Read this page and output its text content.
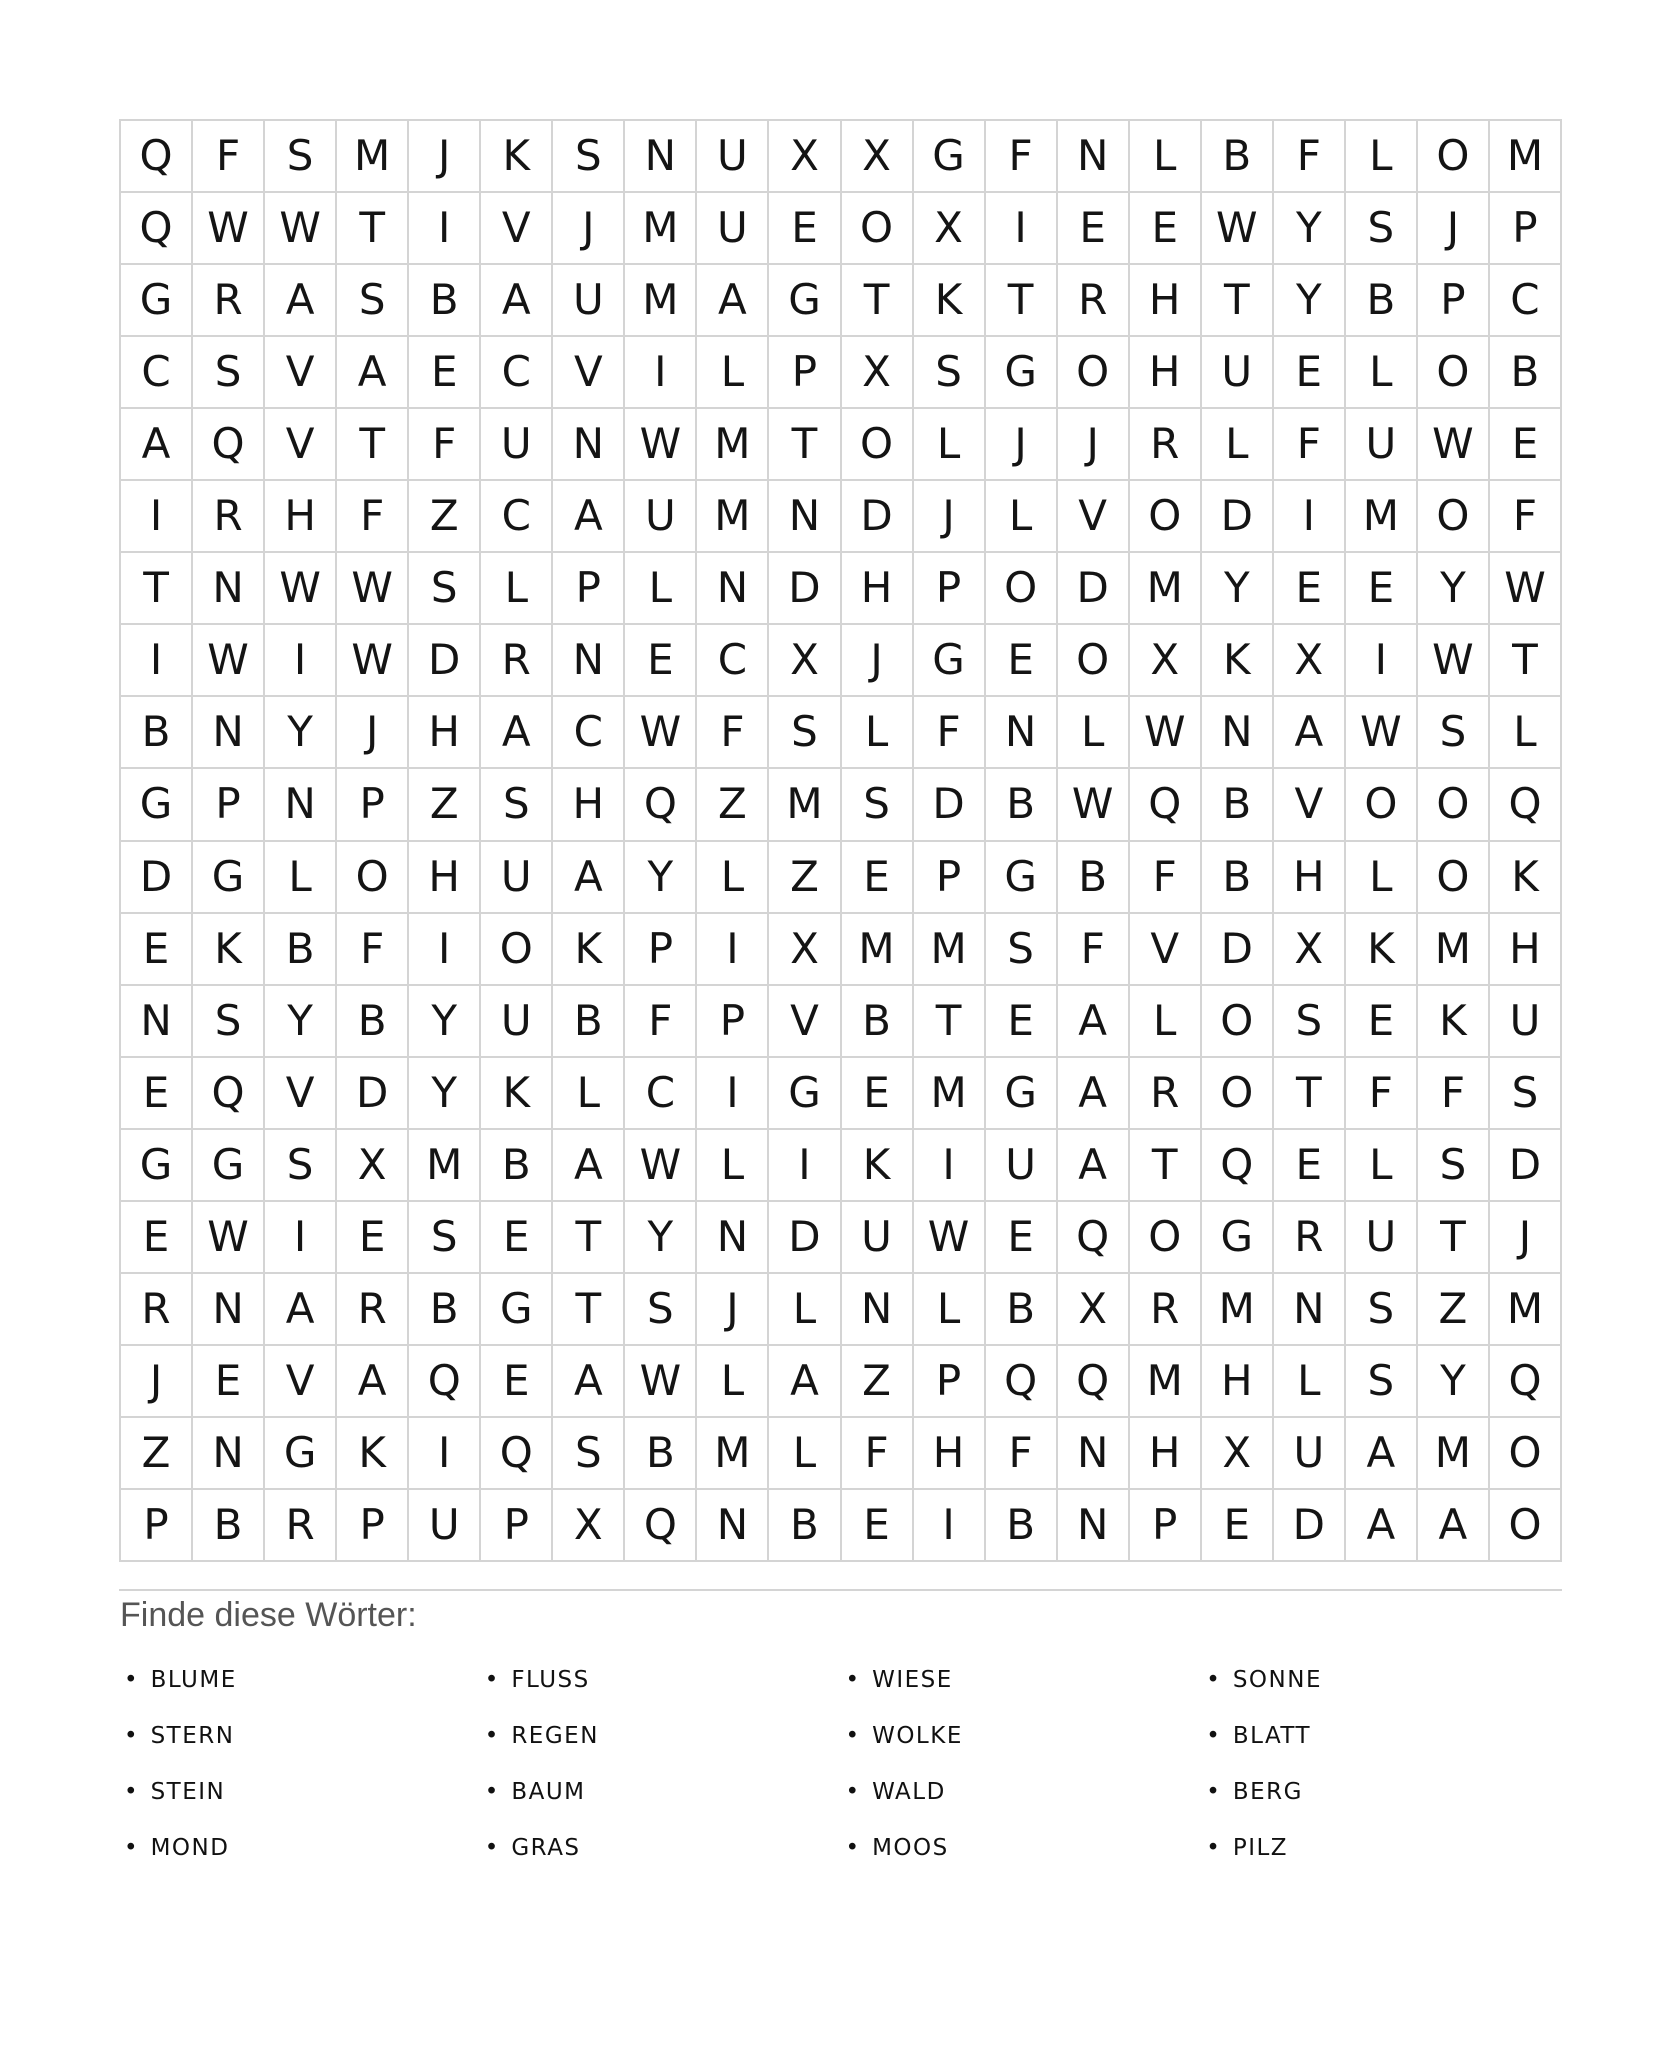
Q	F	S M	J	K	S	N U	X	X G	F	N	L	B	F	L	O M
Q W W T	I	V	J	M U	E	O X	I	E	E W Y	S	J	P
G R	A	S	B	A	U M A G	T	K	T	R H	T	Y	B	P	C
C	S	V	A	E	C	V	I	L	P	X	S	G O H U	E	L	O B
A Q V	T	F	U N W M T	O	L	J	J	R	L	F	U W E
I	R H	F	Z	C	A	U M N D	J	L	V O D	I	M O	F
T	N W W S	L	P	L	N D H	P	O D M Y	E	E	Y W
I	W	I	W D R N	E	C	X	J	G	E	O X	K	X	I	W T
B N	Y	J	H A	C W F	S	L	F	N	L W N A W S	L
G	P	N	P	Z	S	H Q Z M S	D B W Q B	V O O Q
D G	L	O H U	A	Y	L	Z	E	P	G B	F	B H	L	O K
E	K	B	F	I	O K	P	I	X M M S	F	V D X	K M H
N	S	Y	B	Y	U	B	F	P	V	B	T	E	A	L	O	S	E	K	U
E	Q V D	Y	K	L	C	I	G	E M G A	R O	T	F	F	S
G G	S	X M B	A W L	I	K	I	U	A	T	Q	E	L	S	D
E W	I	E	S	E	T	Y	N D U W E	Q O G R	U	T	J
R N A	R	B G	T	S	J	L	N	L	B	X	R M N	S	Z M
J	E	V	A Q	E	A W L	A	Z	P	Q Q M H	L	S	Y	Q
Z N G	K	I	Q	S	B M	L	F	H	F	N H X	U	A M O
P	B	R	P	U	P	X Q N B	E	I	B N	P	E	D A	A O
Finde diese Wörter:
• BLUME
• STERN
• STEIN
• MOND
• FLUSS
• REGEN
• BAUM
• GRAS
• WIESE
• WOLKE
• WALD
• MOOS
• SONNE
• BLATT
• BERG
• PILZ
